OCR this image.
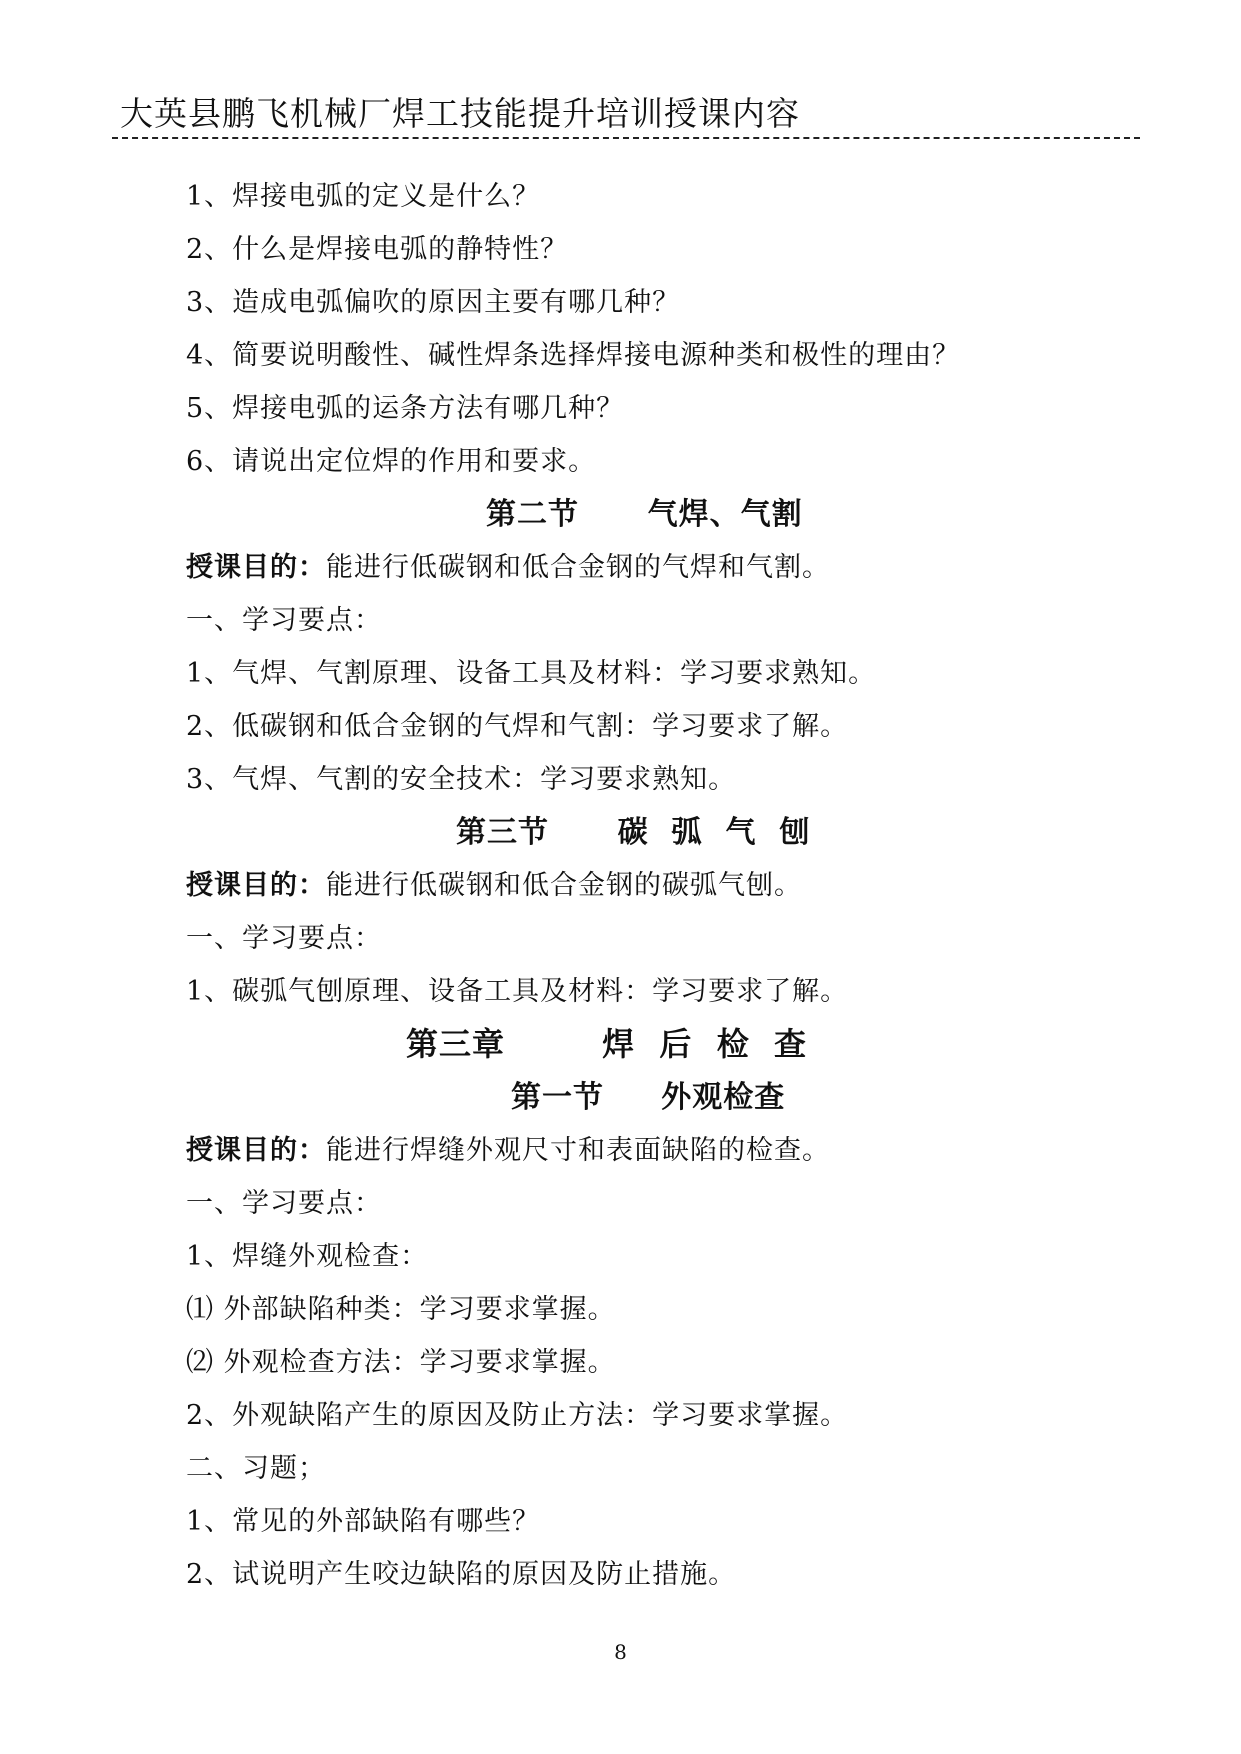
大英县鹏飞机械厂焊工技能提升培训授课内容
1、焊接电弧的定义是什么？
2、什么是焊接电弧的静特性？
3、造成电弧偏吹的原因主要有哪几种？
4、简要说明酸性、碱性焊条选择焊接电源种类和极性的理由？
5、焊接电弧的运条方法有哪几种？
6、请说出定位焊的作用和要求。
第二节      气焊、气割
授课目的：能进行低碳钢和低合金钢的气焊和气割。
一、学习要点：
1、气焊、气割原理、设备工具及材料：学习要求熟知。
2、低碳钢和低合金钢的气焊和气割：学习要求了解。
3、气焊、气割的安全技术：学习要求熟知。
第三节      碳  弧  气  刨
授课目的：能进行低碳钢和低合金钢的碳弧气刨。
一、学习要点：
1、碳弧气刨原理、设备工具及材料：学习要求了解。
第三章        焊  后  检  查
第一节     外观检查
授课目的：能进行焊缝外观尺寸和表面缺陷的检查。
一、学习要点：
1、焊缝外观检查：
⑴ 外部缺陷种类：学习要求掌握。
⑵ 外观检查方法：学习要求掌握。
2、外观缺陷产生的原因及防止方法：学习要求掌握。
二、习题；
1、常见的外部缺陷有哪些？
2、试说明产生咬边缺陷的原因及防止措施。
8
